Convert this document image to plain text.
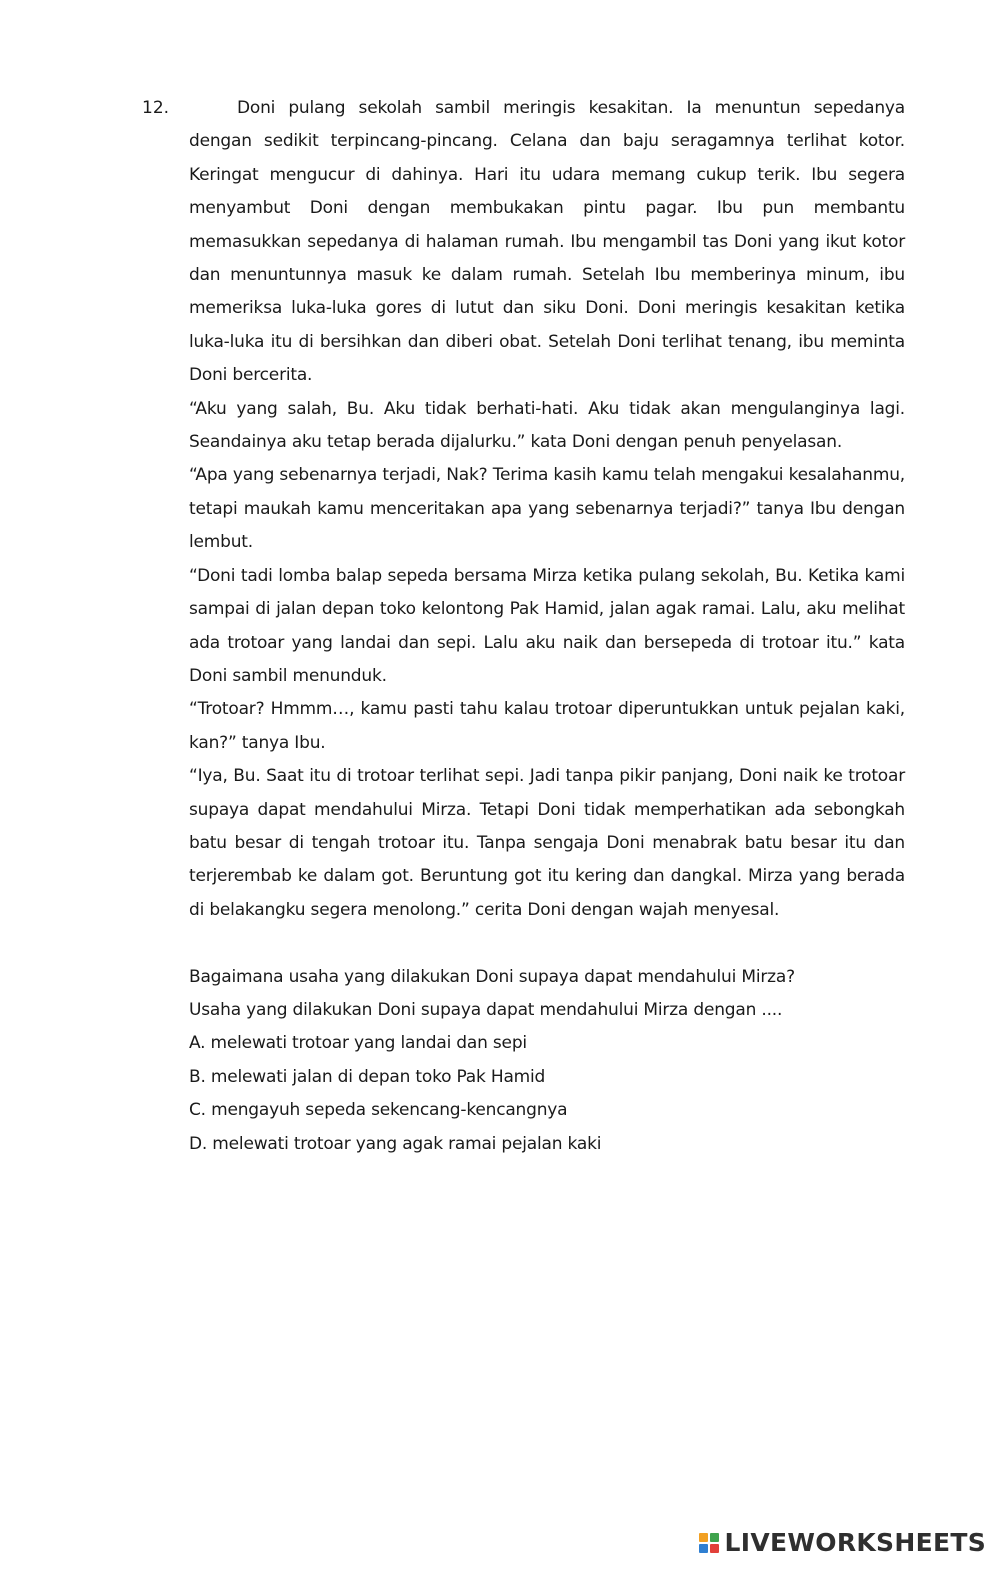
12.	Doni pulang sekolah sambil meringis kesakitan. Ia menuntun sepedanya dengan sedikit terpincang-pincang. Celana dan baju seragamnya terlihat kotor. Keringat mengucur di dahinya. Hari itu udara memang cukup terik. Ibu segera menyambut Doni dengan membukakan pintu pagar. Ibu pun membantu memasukkan sepedanya di halaman rumah. Ibu mengambil tas Doni yang ikut kotor dan menuntunnya masuk ke dalam rumah. Setelah Ibu memberinya minum, ibu memeriksa luka-luka gores di lutut dan siku Doni. Doni meringis kesakitan ketika luka-luka itu di bersihkan dan diberi obat. Setelah Doni terlihat tenang, ibu meminta Doni bercerita.

“Aku yang salah, Bu. Aku tidak berhati-hati. Aku tidak akan mengulanginya lagi. Seandainya aku tetap berada dijalurku.” kata Doni dengan penuh penyelasan.

“Apa yang sebenarnya terjadi, Nak? Terima kasih kamu telah mengakui kesalahanmu, tetapi maukah kamu menceritakan apa yang sebenarnya terjadi?” tanya Ibu dengan lembut.

“Doni tadi lomba balap sepeda bersama Mirza ketika pulang sekolah, Bu. Ketika kami sampai di jalan depan toko kelontong Pak Hamid, jalan agak ramai. Lalu, aku melihat ada trotoar yang landai dan sepi. Lalu aku naik dan bersepeda di trotoar itu.” kata Doni sambil menunduk.

“Trotoar? Hmmm…, kamu pasti tahu kalau trotoar diperuntukkan untuk pejalan kaki, kan?” tanya Ibu.

“Iya, Bu. Saat itu di trotoar terlihat sepi. Jadi tanpa pikir panjang, Doni naik ke trotoar supaya dapat mendahului Mirza. Tetapi Doni tidak memperhatikan ada sebongkah batu besar di tengah trotoar itu. Tanpa sengaja Doni menabrak batu besar itu dan terjerembab ke dalam got. Beruntung got itu kering dan dangkal. Mirza yang berada di belakangku segera menolong.” cerita Doni dengan wajah menyesal.

Bagaimana usaha yang dilakukan Doni supaya dapat mendahului Mirza?

Usaha yang dilakukan Doni supaya dapat mendahului Mirza dengan ....

A. melewati trotoar yang landai dan sepi

B. melewati jalan di depan toko Pak Hamid

C. mengayuh sepeda sekencang-kencangnya

D. melewati trotoar yang agak ramai pejalan kaki

LIVEWORKSHEETS
